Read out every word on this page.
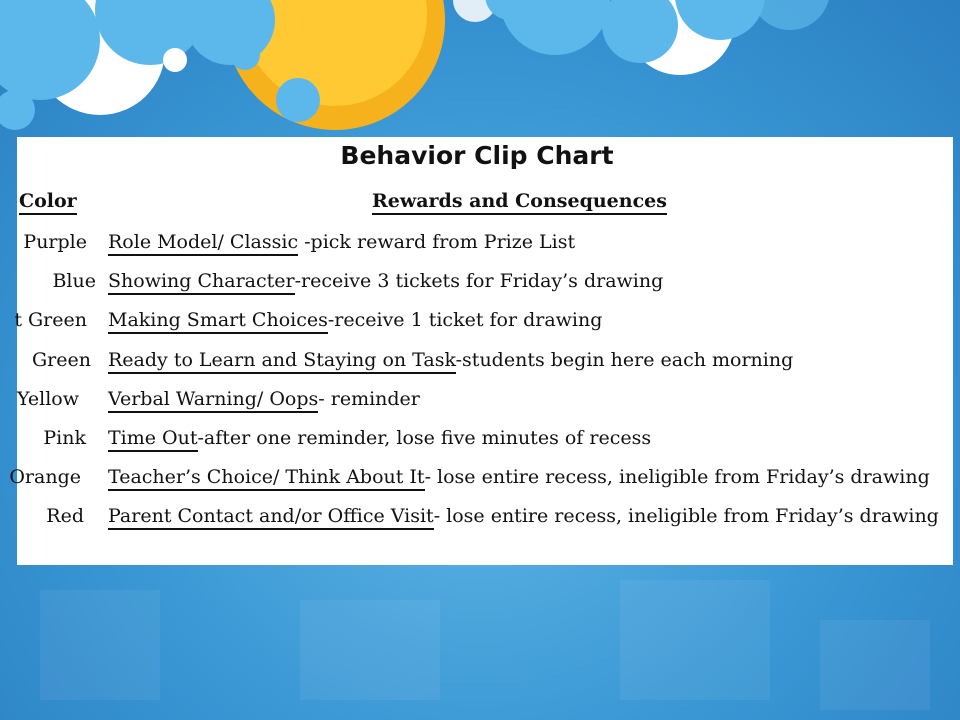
Behavior Clip Chart
Color	Rewards and Consequences
Purple Role Model/ Classic -pick reward from Prize List
Blue Showing Character-receive 3 tickets for Friday’s drawing
t Green Making Smart Choices-receive 1 ticket for drawing
Green Ready to Learn and Staying on Task-students begin here each morning
Yellow Verbal Warning/ Oops- reminder
Pink Time Out-after one reminder, lose five minutes of recess
Orange Teacher’s Choice/ Think About It- lose entire recess, ineligible from Friday’s drawing
Red Parent Contact and/or Office Visit- lose entire recess, ineligible from Friday’s drawing
